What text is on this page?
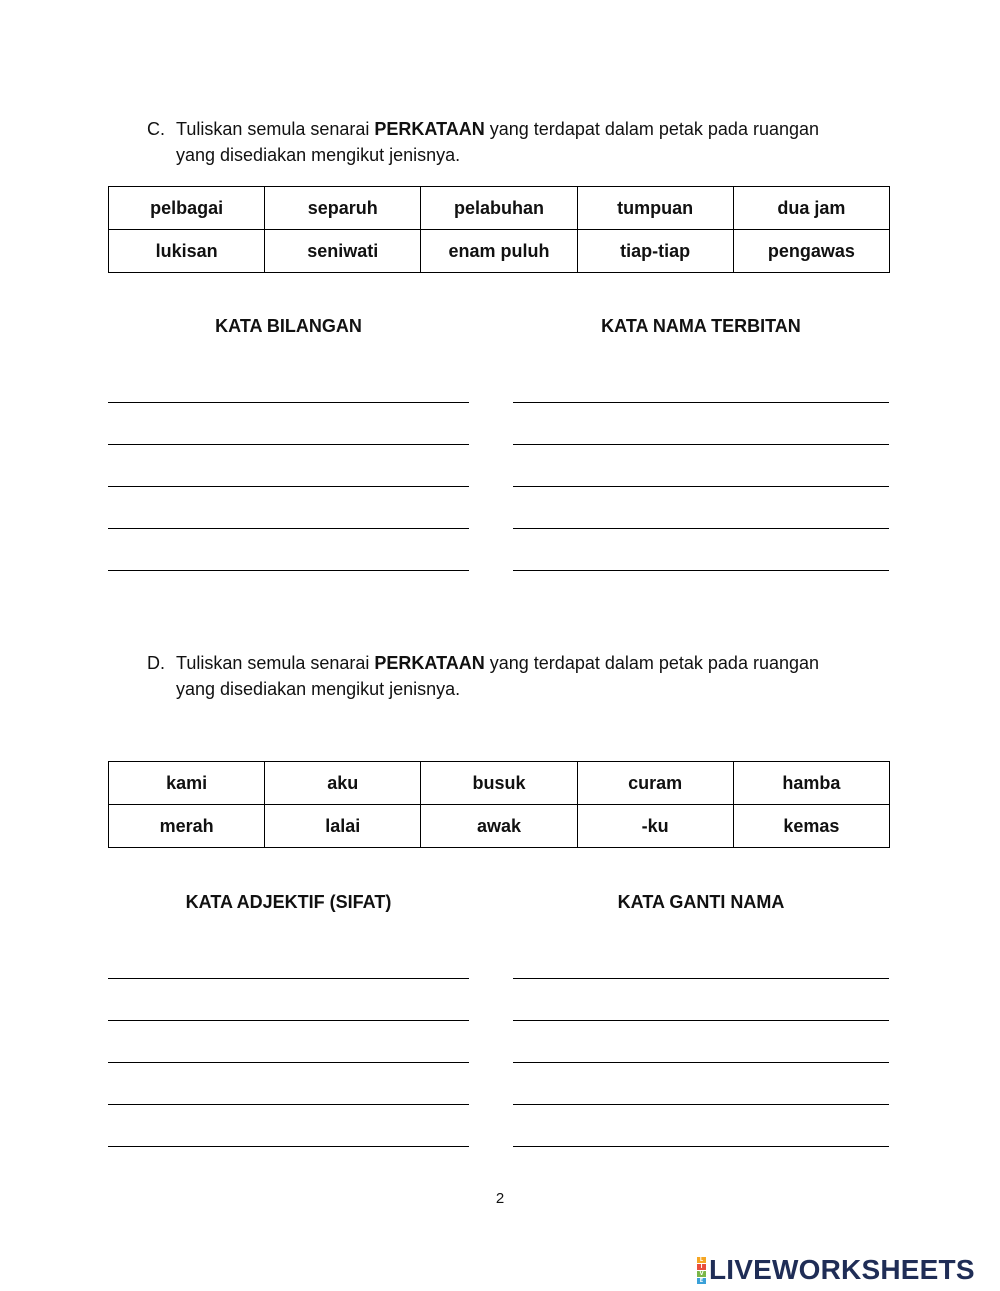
C. Tuliskan semula senarai PERKATAAN yang terdapat dalam petak pada ruangan
yang disediakan mengikut jenisnya.
pelbagai	separuh	pelabuhan	tumpuan	dua jam
lukisan	seniwati	enam puluh	tiap-tiap	pengawas
KATA BILANGAN	KATA NAMA TERBITAN
D. Tuliskan semula senarai PERKATAAN yang terdapat dalam petak pada ruangan
yang disediakan mengikut jenisnya.
kami	aku	busuk	curam	hamba
merah	lalai	awak	-ku	kemas
KATA ADJEKTIF (SIFAT)	KATA GANTI NAMA
2
L
I
V
E LIVEWORKSHEETS
